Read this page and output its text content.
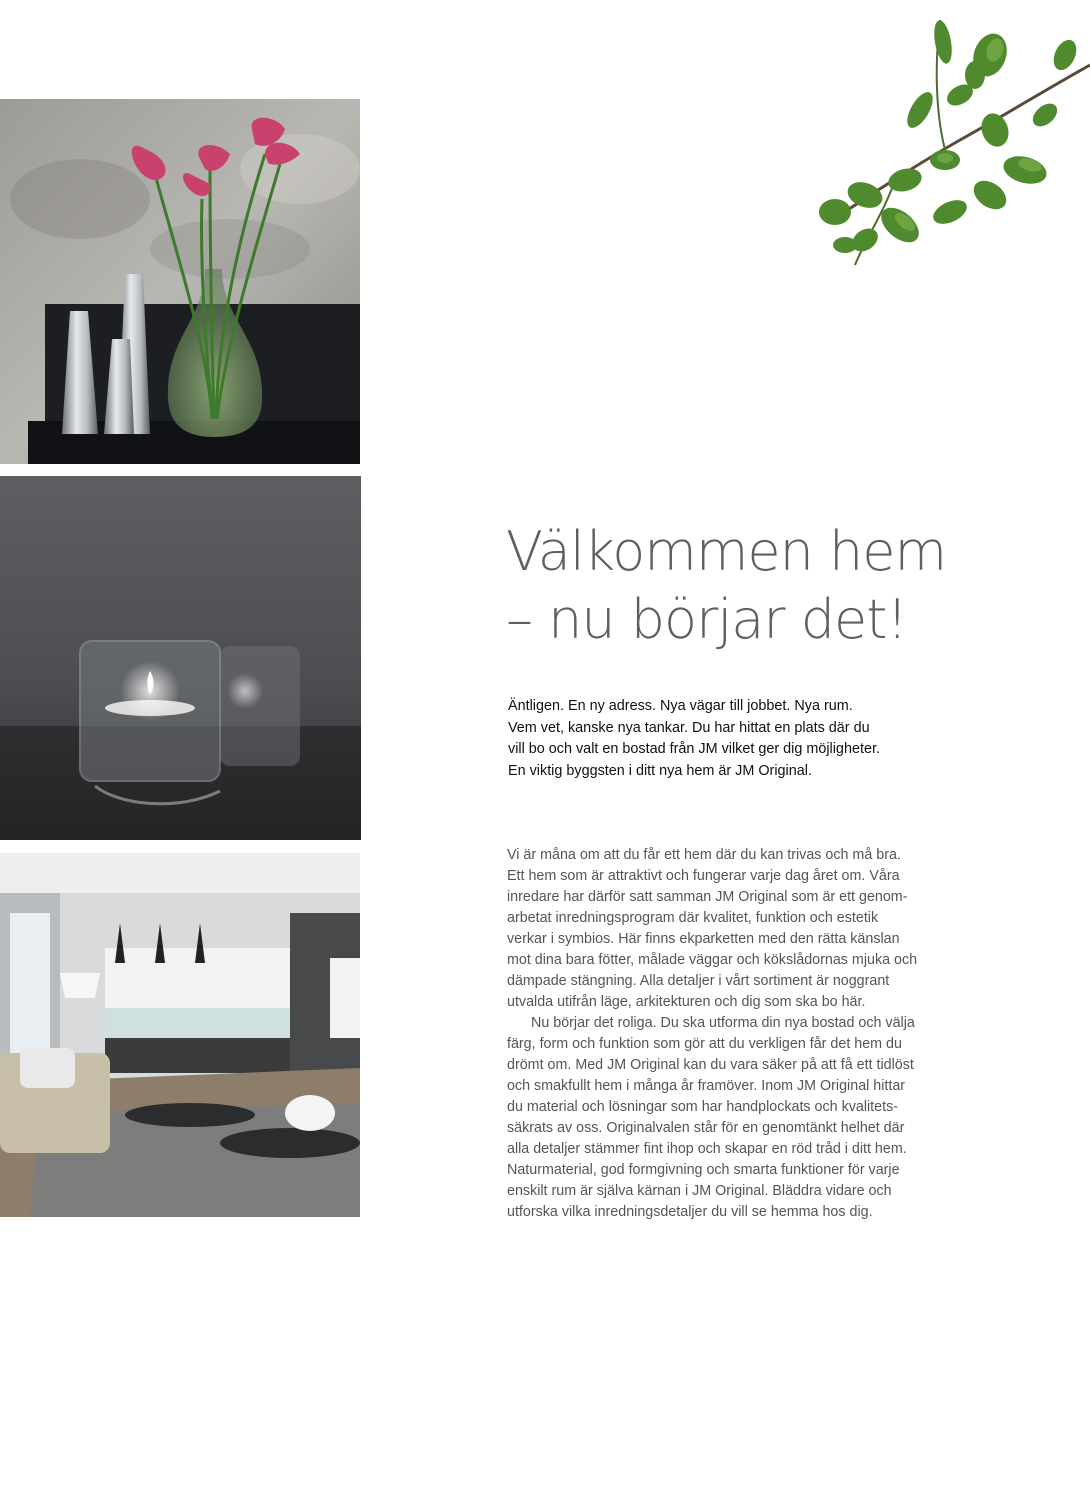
Välkommen hem
– nu börjar det!
Äntligen. En ny adress. Nya vägar till jobbet. Nya rum.
Vem vet, kanske nya tankar. Du har hittat en plats där du
vill bo och valt en bostad från JM vilket ger dig möjligheter.
En viktig byggsten i ditt nya hem är JM Original.
Vi är måna om att du får ett hem där du kan trivas och må bra.
Ett hem som är attraktivt och fungerar varje dag året om. Våra
inredare har därför satt samman JM Original som är ett genom-
arbetat inredningsprogram där kvalitet, funktion och estetik
verkar i symbios. Här finns ekparketten med den rätta känslan
mot dina bara fötter, målade väggar och kökslådornas mjuka och
dämpade stängning. Alla detaljer i vårt sortiment är noggrant
utvalda utifrån läge, arkitekturen och dig som ska bo här.
Nu börjar det roliga. Du ska utforma din nya bostad och välja
färg, form och funktion som gör att du verkligen får det hem du
drömt om. Med JM Original kan du vara säker på att få ett tidlöst
och smakfullt hem i många år framöver. Inom JM Original hittar
du material och lösningar som har handplockats och kvalitets-
säkrats av oss. Originalvalen står för en genomtänkt helhet där
alla detaljer stämmer fint ihop och skapar en röd tråd i ditt hem.
Naturmaterial, god formgivning och smarta funktioner för varje
enskilt rum är själva kärnan i JM Original. Bläddra vidare och
utforska vilka inredningsdetaljer du vill se hemma hos dig.
